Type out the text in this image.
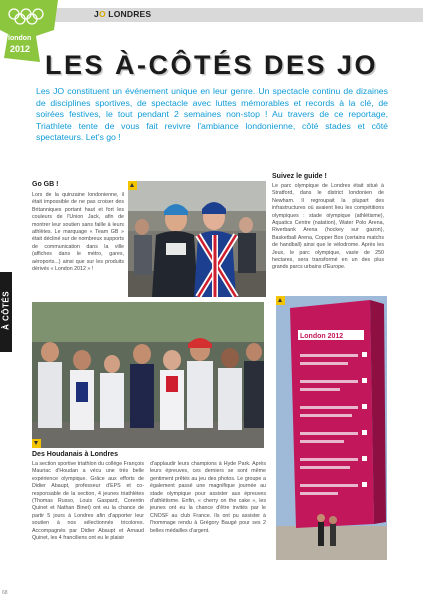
JO LONDRES
london
2012
LES À-CÔTÉS DES JO

Les JO constituent un événement unique en leur genre. Un spectacle continu de dizaines de disciplines sportives, de spectacle avec luttes mémorables et records à la clé, de soirées festives, le tout pendant 2 semaines non-stop ! Au travers de ce reportage, Triathlete tente de vous fait revivre l'ambiance londonienne, côté stades et côté spectateurs. Let's go !

À CÔTÉS
Go GB !

Lors de la quinzaine londonienne, il était impossible de ne pas croiser des Britanniques portant haut et fort les couleurs de l'Union Jack, afin de montrer leur soutien sans faille à leurs athlètes. Le marquage « Team GB » était décliné sur de nombreux supports de communication dans la ville (affiches dans le métro, gares, aéroports...) ainsi que sur les produits dérivés « London 2012 » !

Suivez le guide !

Le parc olympique de Londres était situé à Stratford, dans le district londonien de Newham. Il regroupait la plupart des infrastructures où avaient lieu les compétitions olympiques : stade olympique (athlétisme), Aquatics Centre (natation), Water Polo Arena, Riverbank Arena (hockey sur gazon), Basketball Arena, Copper Box (certains matchs de handball) ainsi que le vélodrome. Après les Jeux, le parc olympique, vaste de 250 hectares, sera transformé en un des plus grands parcs urbains d'Europe.

London 2012
Des Houdanais à Londres

La section sportive triathlon du collège François Mauriac d'Houdan a vécu une très belle expérience olympique. Grâce aux efforts de Didier Abaupt, professeur d'EPS et co-responsable de la section, 4 jeunes triathlètes (Thomas Russo, Louis Gaspard, Corentin Quinet et Nathan Binet) ont eu la chance de partir 5 jours à Londres afin d'apporter leur soutien à nos sélectionnés tricolores. Accompagnés par Didier Abaupt et Arnaud Quinet, les 4 franciliens ont eu le plaisir

d'applaudir leurs champions à Hyde Park. Après leurs épreuves, ces derniers se sont même gentiment prêtés au jeu des photos. Le groupe a également passé une magnifique journée au stade olympique pour assister aux épreuves d'athlétisme. Enfin, « cherry on the cake », les jeunes ont eu la chance d'être invités par le CNOSF au club France. Ils ont pu assister à l'hommage rendu à Grégory Baugé pour ses 2 belles médailles d'argent.

68
